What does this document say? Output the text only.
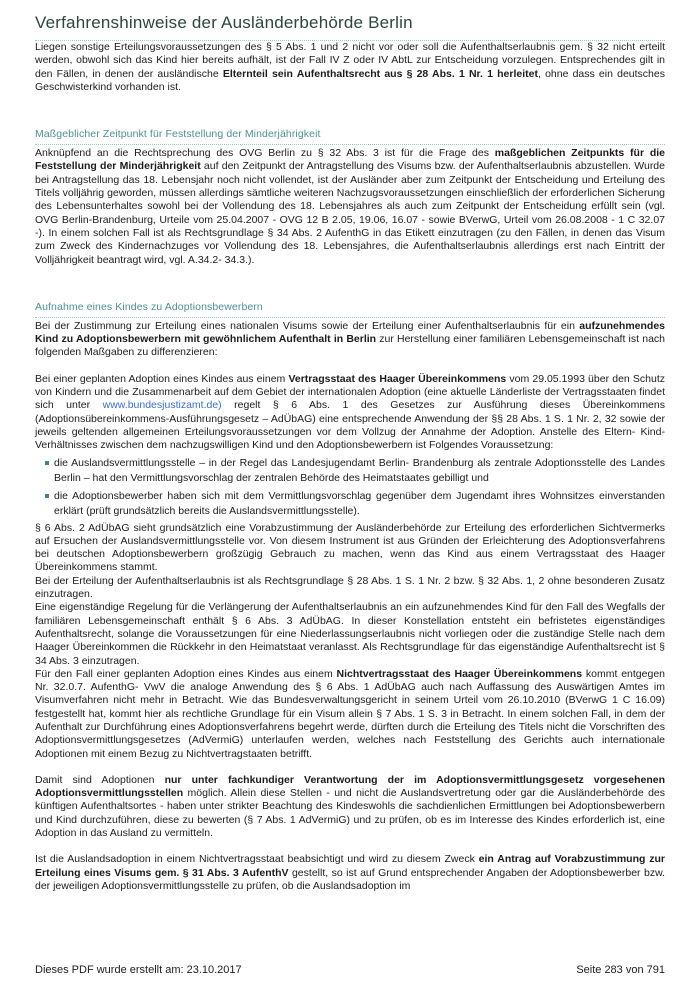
Verfahrenshinweise der Ausländerbehörde Berlin

Liegen sonstige Erteilungsvoraussetzungen des § 5 Abs. 1 und 2 nicht vor oder soll die Aufenthaltserlaubnis gem. § 32 nicht erteilt werden, obwohl sich das Kind hier bereits aufhält, ist der Fall IV Z oder IV AbtL zur Entscheidung vorzulegen. Entsprechendes gilt in den Fällen, in denen der ausländische Elternteil sein Aufenthaltsrecht aus § 28 Abs. 1 Nr. 1 herleitet, ohne dass ein deutsches Geschwisterkind vorhanden ist.

Maßgeblicher Zeitpunkt für Feststellung der Minderjährigkeit

Anknüpfend an die Rechtsprechung des OVG Berlin zu § 32 Abs. 3 ist für die Frage des maßgeblichen Zeitpunkts für die Feststellung der Minderjährigkeit auf den Zeitpunkt der Antragstellung des Visums bzw. der Aufenthaltserlaubnis abzustellen. Wurde bei Antragstellung das 18. Lebensjahr noch nicht vollendet, ist der Ausländer aber zum Zeitpunkt der Entscheidung und Erteilung des Titels volljährig geworden, müssen allerdings sämtliche weiteren Nachzugsvoraussetzungen einschließlich der erforderlichen Sicherung des Lebensunterhaltes sowohl bei der Vollendung des 18. Lebensjahres als auch zum Zeitpunkt der Entscheidung erfüllt sein (vgl. OVG Berlin-Brandenburg, Urteile vom 25.04.2007 - OVG 12 B 2.05, 19.06, 16.07 - sowie BVerwG, Urteil vom 26.08.2008 - 1 C 32.07 -). In einem solchen Fall ist als Rechtsgrundlage § 34 Abs. 2 AufenthG in das Etikett einzutragen (zu den Fällen, in denen das Visum zum Zweck des Kindernachzuges vor Vollendung des 18. Lebensjahres, die Aufenthaltserlaubnis allerdings erst nach Eintritt der Volljährigkeit beantragt wird, vgl. A.34.2- 34.3.).

Aufnahme eines Kindes zu Adoptionsbewerbern

Bei der Zustimmung zur Erteilung eines nationalen Visums sowie der Erteilung einer Aufenthaltserlaubnis für ein aufzunehmendes Kind zu Adoptionsbewerbern mit gewöhnlichem Aufenthalt in Berlin zur Herstellung einer familiären Lebensgemeinschaft ist nach folgenden Maßgaben zu differenzieren:

Bei einer geplanten Adoption eines Kindes aus einem Vertragsstaat des Haager Übereinkommens vom 29.05.1993 über den Schutz von Kindern und die Zusammenarbeit auf dem Gebiet der internationalen Adoption (eine aktuelle Länderliste der Vertragsstaaten findet sich unter www.bundesjustizamt.de) regelt § 6 Abs. 1 des Gesetzes zur Ausführung dieses Übereinkommens (Adoptionsübereinkommens-Ausführungsgesetz – AdÜbAG) eine entsprechende Anwendung der §§ 28 Abs. 1 S. 1 Nr. 2, 32 sowie der jeweils geltenden allgemeinen Erteilungsvoraussetzungen vor dem Vollzug der Annahme der Adoption. Anstelle des Eltern- Kind- Verhältnisses zwischen dem nachzugswilligen Kind und den Adoptionsbewerbern ist Folgendes Voraussetzung:

die Auslandsvermittlungsstelle – in der Regel das Landesjugendamt Berlin- Brandenburg als zentrale Adoptionsstelle des Landes Berlin – hat den Vermittlungsvorschlag der zentralen Behörde des Heimatstaates gebilligt und
die Adoptionsbewerber haben sich mit dem Vermittlungsvorschlag gegenüber dem Jugendamt ihres Wohnsitzes einverstanden erklärt (prüft grundsätzlich bereits die Auslandsvermittlungsstelle).

§ 6 Abs. 2 AdÜbAG sieht grundsätzlich eine Vorabzustimmung der Ausländerbehörde zur Erteilung des erforderlichen Sichtvermerks auf Ersuchen der Auslandsvermittlungsstelle vor. Von diesem Instrument ist aus Gründen der Erleichterung des Adoptionsverfahrens bei deutschen Adoptionsbewerbern großzügig Gebrauch zu machen, wenn das Kind aus einem Vertragsstaat des Haager Übereinkommens stammt.

Bei der Erteilung der Aufenthaltserlaubnis ist als Rechtsgrundlage § 28 Abs. 1 S. 1 Nr. 2 bzw. § 32 Abs. 1, 2 ohne besonderen Zusatz einzutragen.

Eine eigenständige Regelung für die Verlängerung der Aufenthaltserlaubnis an ein aufzunehmendes Kind für den Fall des Wegfalls der familiären Lebensgemeinschaft enthält § 6 Abs. 3 AdÜbAG. In dieser Konstellation entsteht ein befristetes eigenständiges Aufenthaltsrecht, solange die Voraussetzungen für eine Niederlassungserlaubnis nicht vorliegen oder die zuständige Stelle nach dem Haager Übereinkommen die Rückkehr in den Heimatstaat veranlasst. Als Rechtsgrundlage für das eigenständige Aufenthaltsrecht ist § 34 Abs. 3 einzutragen.

Für den Fall einer geplanten Adoption eines Kindes aus einem Nichtvertragsstaat des Haager Übereinkommens kommt entgegen Nr. 32.0.7. AufenthG- VwV die analoge Anwendung des § 6 Abs. 1 AdÜbAG auch nach Auffassung des Auswärtigen Amtes im Visumverfahren nicht mehr in Betracht. Wie das Bundesverwaltungsgericht in seinem Urteil vom 26.10.2010 (BVerwG 1 C 16.09) festgestellt hat, kommt hier als rechtliche Grundlage für ein Visum allein § 7 Abs. 1 S. 3 in Betracht. In einem solchen Fall, in dem der Aufenthalt zur Durchführung eines Adoptionsverfahrens begehrt werde, dürften durch die Erteilung des Titels nicht die Vorschriften des Adoptionsvermittlungsgesetzes (AdVermiG) unterlaufen werden, welches nach Feststellung des Gerichts auch internationale Adoptionen mit einem Bezug zu Nichtvertragstaaten betrifft.

Damit sind Adoptionen nur unter fachkundiger Verantwortung der im Adoptionsvermittlungsgesetz vorgesehenen Adoptionsvermittlungsstellen möglich. Allein diese Stellen - und nicht die Auslandsvertretung oder gar die Ausländerbehörde des künftigen Aufenthaltsortes - haben unter strikter Beachtung des Kindeswohls die sachdienlichen Ermittlungen bei Adoptionsbewerbern und Kind durchzuführen, diese zu bewerten (§ 7 Abs. 1 AdVermiG) und zu prüfen, ob es im Interesse des Kindes erforderlich ist, eine Adoption in das Ausland zu vermitteln.

Ist die Auslandsadoption in einem Nichtvertragsstaat beabsichtigt und wird zu diesem Zweck ein Antrag auf Vorabzustimmung zur Erteilung eines Visums gem. § 31 Abs. 3 AufenthV gestellt, so ist auf Grund entsprechender Angaben der Adoptionsbewerber bzw. der jeweiligen Adoptionsvermittlungsstelle zu prüfen, ob die Auslandsadoption im

Dieses PDF wurde erstellt am: 23.10.2017	Seite 283 von 791
